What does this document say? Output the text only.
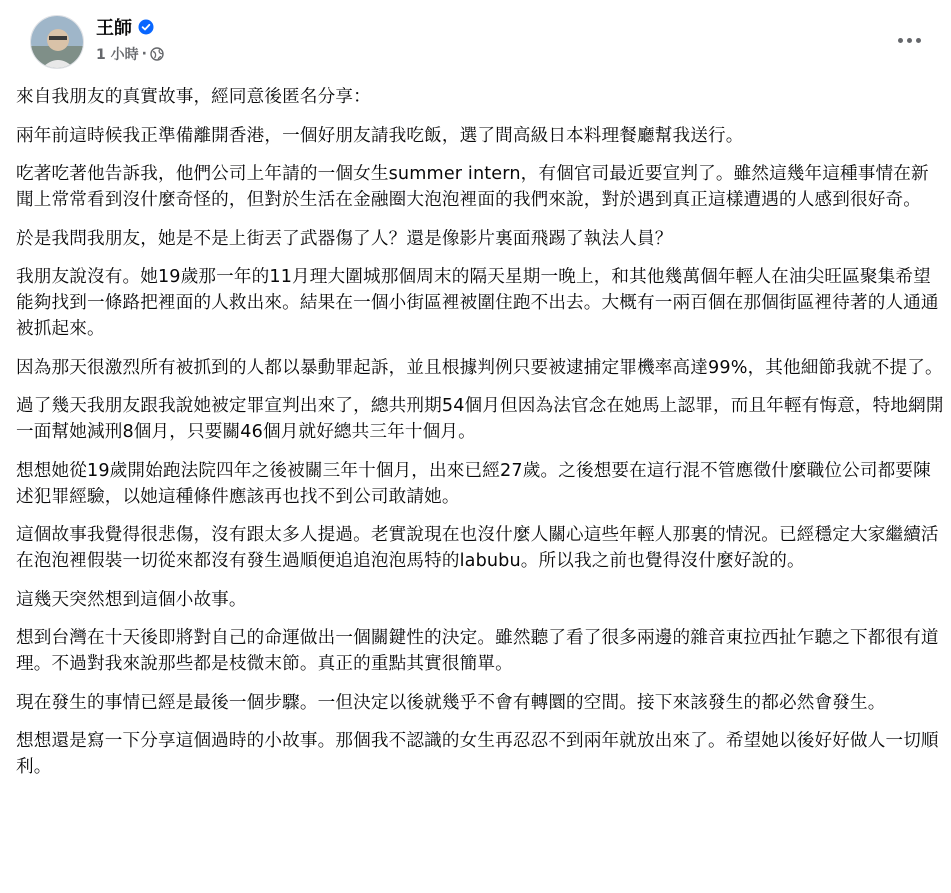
王師
1 小時 ·

來自我朋友的真實故事，經同意後匿名分享：

兩年前這時候我正準備離開香港，一個好朋友請我吃飯，選了間高級日本料理餐廳幫我送行。

吃著吃著他告訴我，他們公司上年請的一個女生summer intern，有個官司最近要宣判了。雖然這幾年這種事情在新聞上常常看到沒什麼奇怪的，但對於生活在金融圈大泡泡裡面的我們來說，對於遇到真正這樣遭遇的人感到很好奇。

於是我問我朋友，她是不是上街丟了武器傷了人？還是像影片裏面飛踢了執法人員？

我朋友說沒有。她19歲那一年的11月理大圍城那個周末的隔天星期一晚上，和其他幾萬個年輕人在油尖旺區聚集希望能夠找到一條路把裡面的人救出來。結果在一個小街區裡被圍住跑不出去。大概有一兩百個在那個街區裡待著的人通通被抓起來。

因為那天很激烈所有被抓到的人都以暴動罪起訴，並且根據判例只要被逮捕定罪機率高達99%，其他細節我就不提了。

過了幾天我朋友跟我說她被定罪宣判出來了，總共刑期54個月但因為法官念在她馬上認罪，而且年輕有悔意，特地網開一面幫她減刑8個月，只要關46個月就好總共三年十個月。

想想她從19歲開始跑法院四年之後被關三年十個月，出來已經27歲。之後想要在這行混不管應徵什麼職位公司都要陳述犯罪經驗，以她這種條件應該再也找不到公司敢請她。

這個故事我覺得很悲傷，沒有跟太多人提過。老實說現在也沒什麼人關心這些年輕人那裏的情況。已經穩定大家繼續活在泡泡裡假裝一切從來都沒有發生過順便追追泡泡馬特的labubu。所以我之前也覺得沒什麼好說的。

這幾天突然想到這個小故事。

想到台灣在十天後即將對自己的命運做出一個關鍵性的決定。雖然聽了看了很多兩邊的雜音東拉西扯乍聽之下都很有道理。不過對我來說那些都是枝微末節。真正的重點其實很簡單。

現在發生的事情已經是最後一個步驟。一但決定以後就幾乎不會有轉圜的空間。接下來該發生的都必然會發生。

想想還是寫一下分享這個過時的小故事。那個我不認識的女生再忍忍不到兩年就放出來了。希望她以後好好做人一切順利。
